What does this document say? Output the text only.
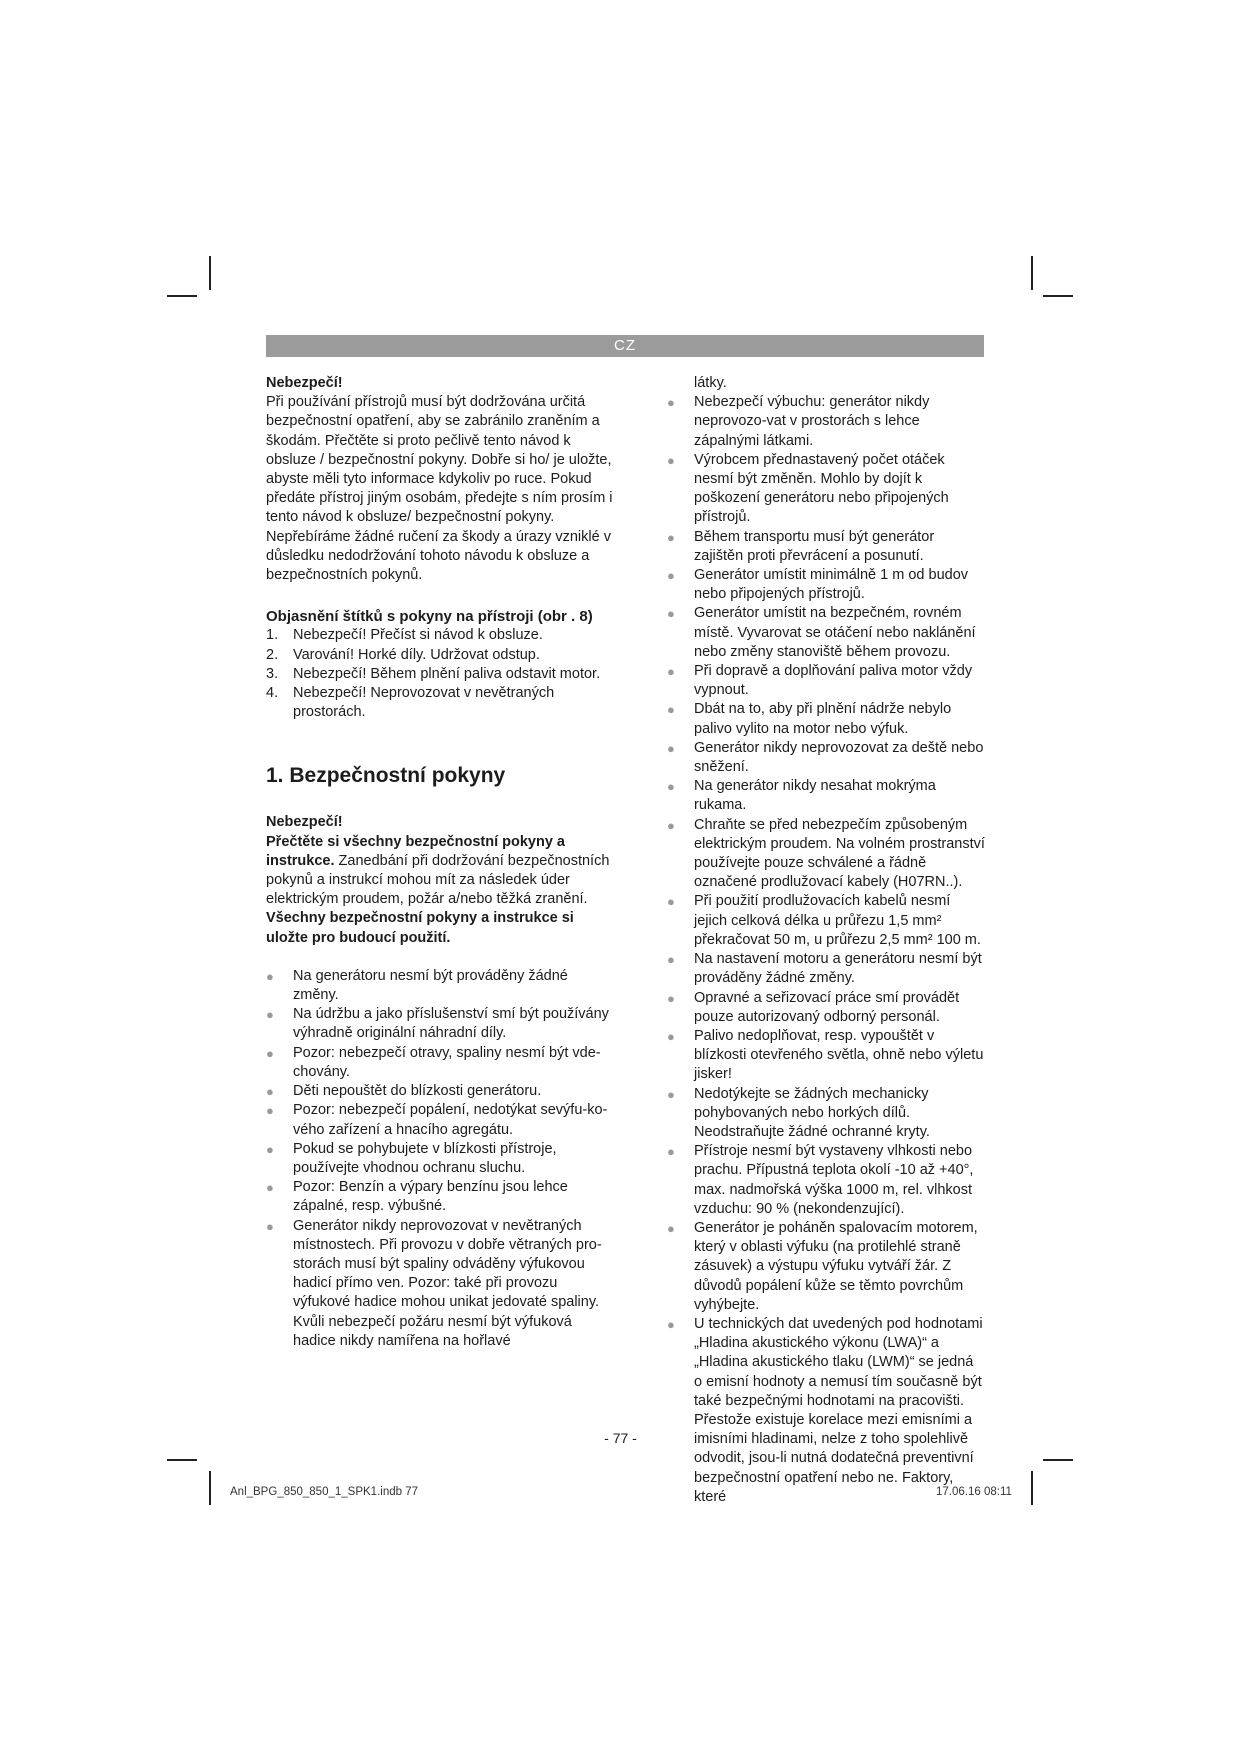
CZ

Nebezpečí!

Při používání přístrojů musí být dodržována určitá bezpečnostní opatření, aby se zabránilo zraněním a škodám. Přečtěte si proto pečlivě tento návod k obsluze / bezpečnostní pokyny. Dobře si ho/ je uložte, abyste měli tyto informace kdykoliv po ruce. Pokud předáte přístroj jiným osobám, předejte s ním prosím i tento návod k obsluze/ bezpečnostní pokyny. Nepřebíráme žádné ručení za škody a úrazy vzniklé v důsledku nedodržování tohoto návodu k obsluze a bezpečnostních pokynů.

Objasnění štítků s pokyny na přístroji (obr . 8)

1. Nebezpečí! Přečíst si návod k obsluze.
2. Varování! Horké díly. Udržovat odstup.
3. Nebezpečí! Během plnění paliva odstavit motor.
4. Nebezpečí! Neprovozovat v nevětraných prostorách.

1. Bezpečnostní pokyny

Nebezpečí!

Přečtěte si všechny bezpečnostní pokyny a instrukce. Zanedbání při dodržování bezpečnostních pokynů a instrukcí mohou mít za následek úder elektrickým proudem, požár a/nebo těžká zranění. Všechny bezpečnostní pokyny a instrukce si uložte pro budoucí použití.

● Na generátoru nesmí být prováděny žádné změny.
● Na údržbu a jako příslušenství smí být používány výhradně originální náhradní díly.
● Pozor: nebezpečí otravy, spaliny nesmí být vde-chovány.
● Děti nepouštět do blízkosti generátoru.
● Pozor: nebezpečí popálení, nedotýkat sevýfu-ko-vého zařízení a hnacího agregátu.
● Pokud se pohybujete v blízkosti přístroje, používejte vhodnou ochranu sluchu.
● Pozor: Benzín a výpary benzínu jsou lehce zápalné, resp. výbušné.
● Generátor nikdy neprovozovat v nevětraných místnostech. Při provozu v dobře větraných pro-storách musí být spaliny odváděny výfukovou hadicí přímo ven. Pozor: také při provozu výfukové hadice mohou unikat jedovaté spaliny. Kvůli nebezpečí požáru nesmí být výfuková hadice nikdy namířena na hořlavé

látky.

● Nebezpečí výbuchu: generátor nikdy neprovozo-vat v prostorách s lehce zápalnými látkami.
● Výrobcem přednastavený počet otáček nesmí být změněn. Mohlo by dojít k poškození generátoru nebo připojených přístrojů.
● Během transportu musí být generátor zajištěn proti převrácení a posunutí.
● Generátor umístit minimálně 1 m od budov nebo připojených přístrojů.
● Generátor umístit na bezpečném, rovném místě. Vyvarovat se otáčení nebo naklánění nebo změny stanoviště během provozu.
● Při dopravě a doplňování paliva motor vždy vypnout.
● Dbát na to, aby při plnění nádrže nebylo palivo vylito na motor nebo výfuk.
● Generátor nikdy neprovozovat za deště nebo sněžení.
● Na generátor nikdy nesahat mokrýma rukama.
● Chraňte se před nebezpečím způsobeným elektrickým proudem. Na volném prostranství používejte pouze schválené a řádně označené prodlužovací kabely (H07RN..).
● Při použití prodlužovacích kabelů nesmí jejich celková délka u průřezu 1,5 mm² překračovat 50 m, u průřezu 2,5 mm² 100 m.
● Na nastavení motoru a generátoru nesmí být prováděny žádné změny.
● Opravné a seřizovací práce smí provádět pouze autorizovaný odborný personál.
● Palivo nedoplňovat, resp. vypouštět v blízkosti otevřeného světla, ohně nebo výletu jisker!
● Nedotýkejte se žádných mechanicky pohybovaných nebo horkých dílů. Neodstraňujte žádné ochranné kryty.
● Přístroje nesmí být vystaveny vlhkosti nebo prachu. Přípustná teplota okolí -10 až +40°, max. nadmořská výška 1000 m, rel. vlhkost vzduchu: 90 % (nekondenzující).
● Generátor je poháněn spalovacím motorem, který v oblasti výfuku (na protilehlé straně zásuvek) a výstupu výfuku vytváří žár. Z důvodů popálení kůže se těmto povrchům vyhýbejte.
● U technických dat uvedených pod hodnotami „Hladina akustického výkonu (LWA)“ a „Hladina akustického tlaku (LWM)“ se jedná o emisní hodnoty a nemusí tím současně být také bezpečnými hodnotami na pracovišti. Přestože existuje korelace mezi emisními a imisními hladinami, nelze z toho spolehlivě odvodit, jsou-li nutná dodatečná preventivní bezpečnostní opatření nebo ne. Faktory, které
- 77 -
Anl_BPG_850_850_1_SPK1.indb 77	17.06.16 08:11
